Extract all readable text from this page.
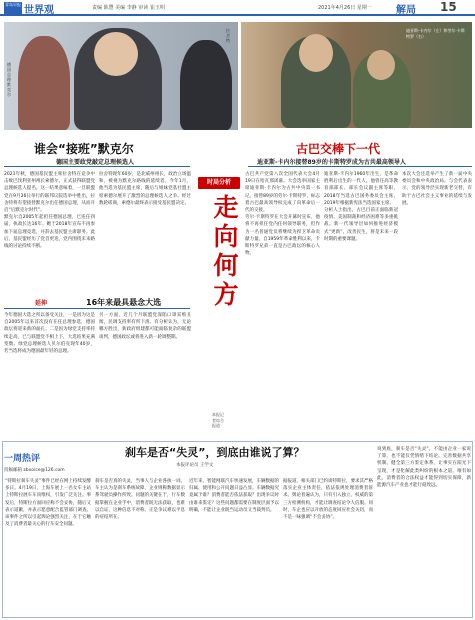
青岛早报
世界观	责编 陈豐 美编 李静 审读 崔玉明	2021年4月26日 星期一 解局 15
德国总理默克尔
拉舍特
迪亚斯-卡内尔（左）和劳尔·卡斯特罗（右）
谁会“接班”默克尔
德国主要政党敲定总理候选人

2021年秋，德国基民盟主席拉舍特在竞争中击败巴伐利亚州州长索德尔，正式获得联盟党总理候选人提名。这一结果意味着，一旦联盟党在9月26日举行的联邦议院选举中胜出，拉舍特将有望接替默克尔出任德国总理，从而开启“后默克尔时代”。

默克尔自2005年起担任德国总理，已连任四届，执政长达16年。她于2018年宣布不再参加下届总理竞选，并辞去基民盟主席职务。此后，基民盟经历了党首更迭，党内围绕未来路线的讨论持续不断。

拉舍特现年60岁，是北威州州长，政治立场温和，被视为默克尔路线的延续者。今年1月，他当选为基民盟主席，随后与姐妹党基社盟主席索德尔展开了激烈的总理候选人之争。经过数轮磋商，索德尔最终表示接受基民盟决定。

延伸	16年来最具悬念大选

今年德国大选之所以备受关注，一是因为这是自2005年以来首次没有在任总理参选，德国政坛将迎来新的面孔；二是因为绿党支持率持续走高，已与联盟党不相上下，大选结果充满变数。绿党总理候选人贝尔伯克现年40岁，若当选将成为德国最年轻的总理。

另一方面，近几个月联盟党深陷口罩采购丑闻，民调支持率有所下滑。有分析认为，无论哪方胜出，新政府组建都可能面临复杂的联盟谈判，德国政坛或将进入新一轮调整期。

时局分析
走向何方
本报记者综合报道
古巴交棒下一代
迪亚斯-卡内尔接替89岁的卡斯特罗成为古共最高领导人

古巴共产党第八次全国代表大会4月19日在哈瓦那闭幕。大会选举国家主席迪亚斯-卡内尔为古共中央第一书记，接替89岁的劳尔·卡斯特罗，标志着古巴最高领导权完成了向革命后一代的交接。

劳尔·卡斯特罗在大会开幕时宣布，他将不再担任党内任何领导职务，但作为一名普通党员将继续为捍卫革命贡献力量。自1959年革命胜利以来，卡斯特罗兄弟一直是古巴政坛的核心人物。

迪亚斯-卡内尔1960年出生，是革命胜利后出生的一代人。他曾任高等教育部部长、部长会议副主席等职，2018年当选古巴国务委员会主席，2019年根据新宪法当选国家主席。

分析人士指出，古巴目前正面临新冠疫情、美国制裁和经济困难等多重挑战。新一代领导层如何推进经济模式“更新”、改善民生，将是未来一段时期的重要课题。

本次大会还选举产生了新一届中央委员会和中央政治局。与会代表表示，党的领导层实现新老交替，有助于古巴社会主义事业的延续与发展。

一周热评
投稿邮箱 zbvoice@126.com
刹车是否“失灵”，到底由谁说了算？
本报评论员 王学文

“特斯拉刹车失灵”事件已经在网上持续发酵多日。4月19日，上海车展上一名女车主站上特斯拉展车车顶维权，引发广泛关注。事发后，特斯拉方面回应称不会妥协，随后又表示道歉，并表示愿意配合监管部门调查。该事件之所以引起舆论强烈关注，在于它触及了消费者最关心的行车安全问题。

刹车是否真的失灵，当事人与企业各执一词。车主认为是刹车系统故障，企业则称数据显示系驾驶员操作所致。问题的关键在于，行车数据掌握在企业手中，消费者既无法获取，也难以自证，这种信息不对称，正是争议难以平息的症结所在。

近年来，智能网联汽车快速发展，车辆数据的归属、使用和公开问题日益凸显。车辆数据究竟属于谁？消费者能否依法获取？出现争议时由谁来鉴定？这些问题都需要在制度层面予以明确，不能让企业既当运动员又当裁判员。

据报道，相关部门已约谈特斯拉，要求其严格落实企业主体责任，依法依规处理消费者诉求。舆论普遍认为，只有引入独立、权威的第三方检测机构，才能让调查结论令人信服。同时，车企也应以开放的态度回应社会关切，而不是一味强调“不会妥协”。

说到底，刹车是否“失灵”，不能由企业一家说了算，也不能仅凭情绪下结论。完善数据共享机制、健全第三方鉴定体系，让事实在阳光下呈现，才是化解此类纠纷的根本之道。唯有如此，消费者的合法权益才能得到切实保障，新能源汽车产业也才能行稳致远。
